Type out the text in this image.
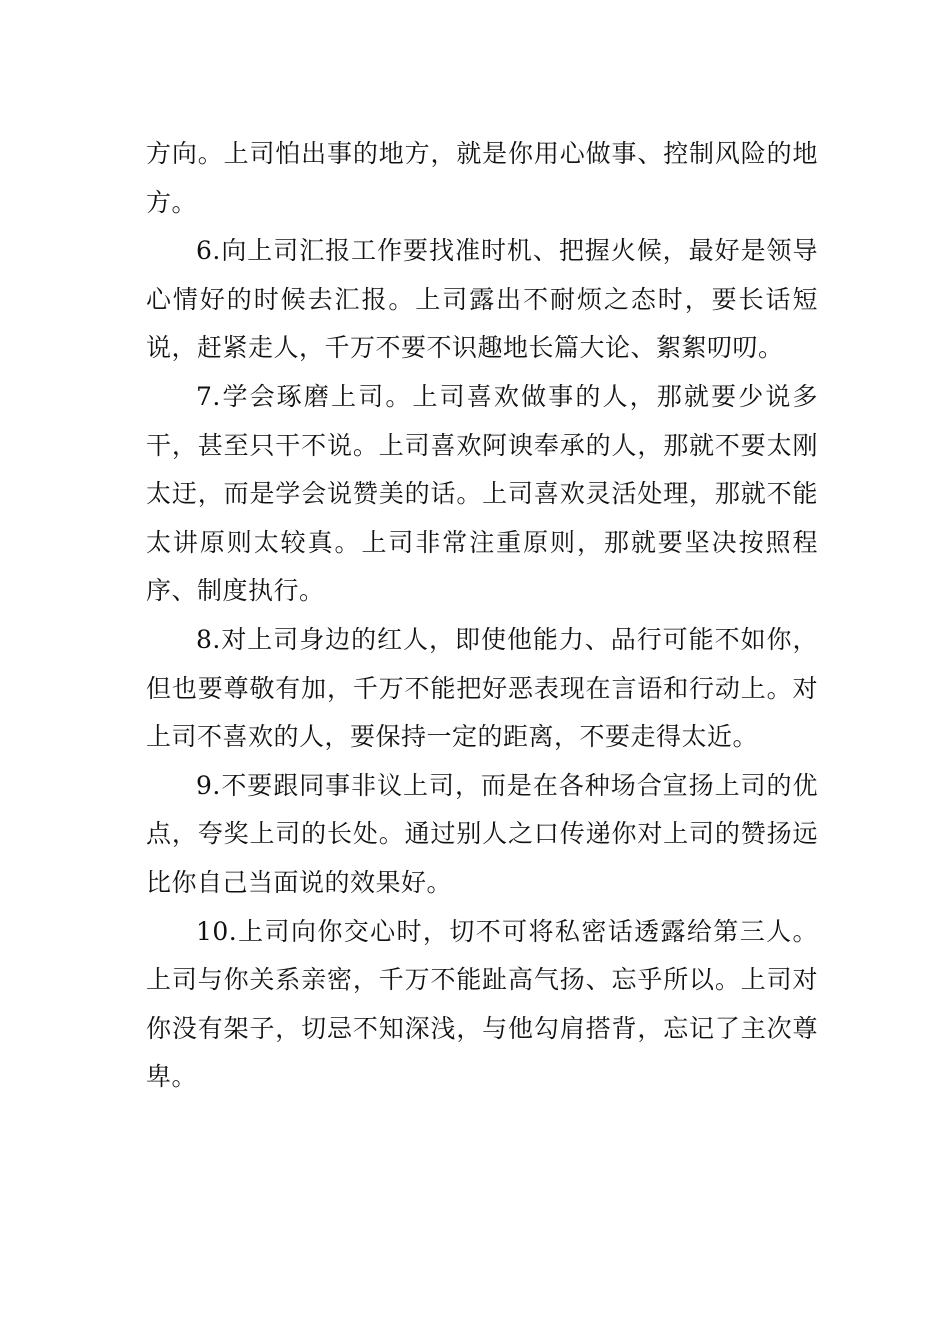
方向。上司怕出事的地方，就是你用心做事、控制风险的地方。

6.向上司汇报工作要找准时机、把握火候，最好是领导心情好的时候去汇报。上司露出不耐烦之态时，要长话短说，赶紧走人，千万不要不识趣地长篇大论、絮絮叨叨。

7.学会琢磨上司。上司喜欢做事的人，那就要少说多干，甚至只干不说。上司喜欢阿谀奉承的人，那就不要太刚太迂，而是学会说赞美的话。上司喜欢灵活处理，那就不能太讲原则太较真。上司非常注重原则，那就要坚决按照程序、制度执行。

8.对上司身边的红人，即使他能力、品行可能不如你，但也要尊敬有加，千万不能把好恶表现在言语和行动上。对上司不喜欢的人，要保持一定的距离，不要走得太近。

9.不要跟同事非议上司，而是在各种场合宣扬上司的优点，夸奖上司的长处。通过别人之口传递你对上司的赞扬远比你自己当面说的效果好。

10.上司向你交心时，切不可将私密话透露给第三人。上司与你关系亲密，千万不能趾高气扬、忘乎所以。上司对你没有架子，切忌不知深浅，与他勾肩搭背，忘记了主次尊卑。
